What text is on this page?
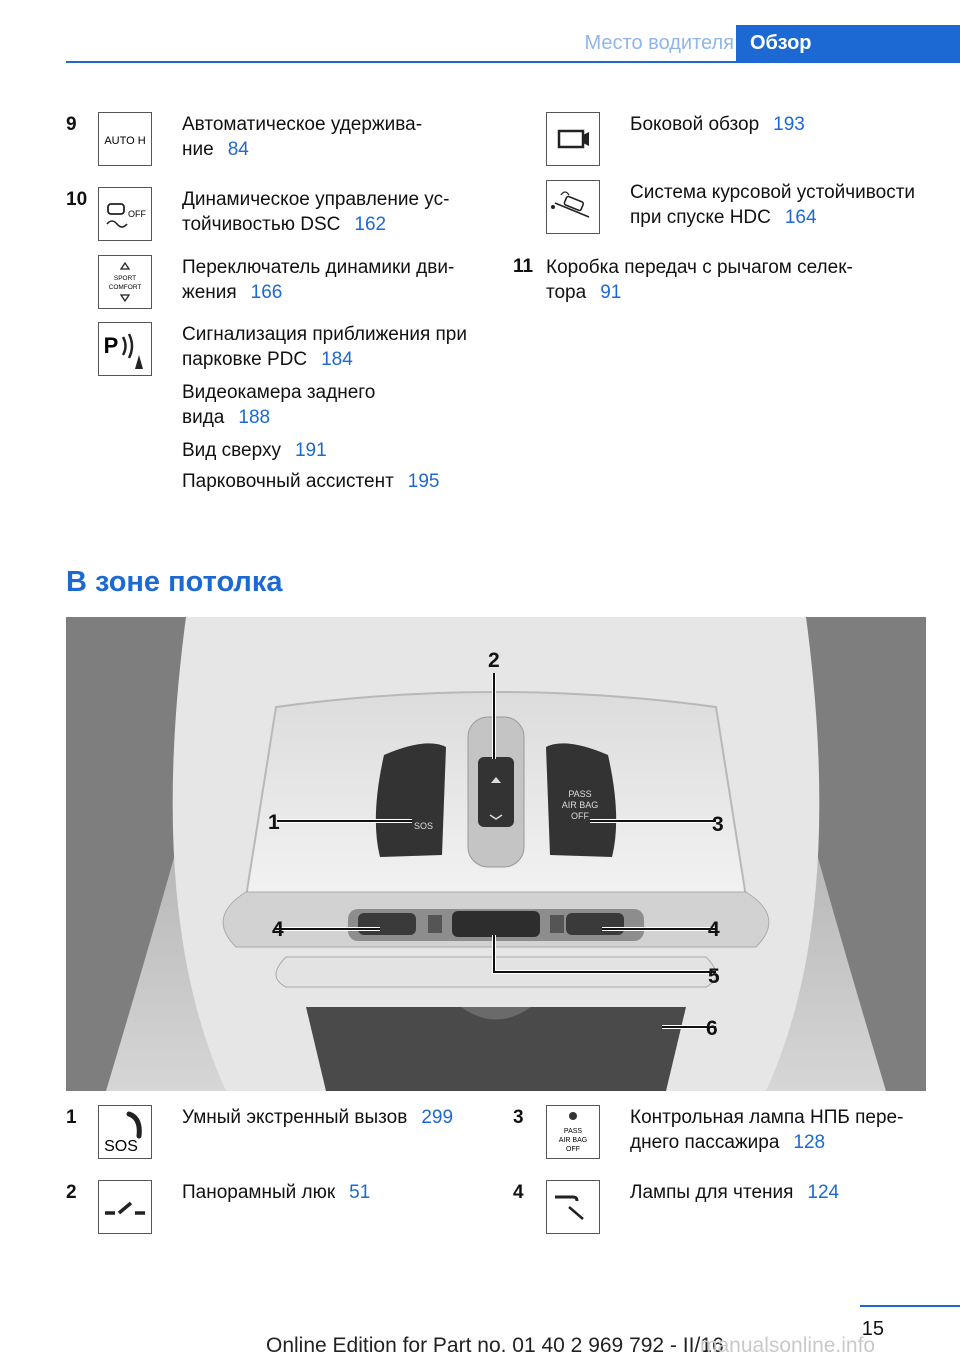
Место водителя Обзор
9
AUTO H
Автоматическое удержива-
ние 84
10
OFF
Динамическое управление ус-
тойчивостью DSC 162
SPORT
COMFORT
Переключатель динамики дви-
жения 166
P	Сигнализация приближения при
парковке PDC 184
Видеокамера заднего
вида 188
Вид сверху 191
Парковочный ассистент 195
Боковой обзор 193
Система курсовой устойчивости
при спуске HDC 164
11 Коробка передач с рычагом селек-
тора 91
В зоне потолка
SOS
PASS
AIR BAG
OFF
1
2
3
4	4
5
6
1
SOS
Умный экстренный вызов 299
2	Панорамный люк 51
3
PASS
AIR BAG
OFF
Контрольная лампа НПБ пере-
днего пассажира 128
4	Лампы для чтения 124
15
Online Edition for Part no. 01 40 2 969 792 - II/16
manualsonline.info
